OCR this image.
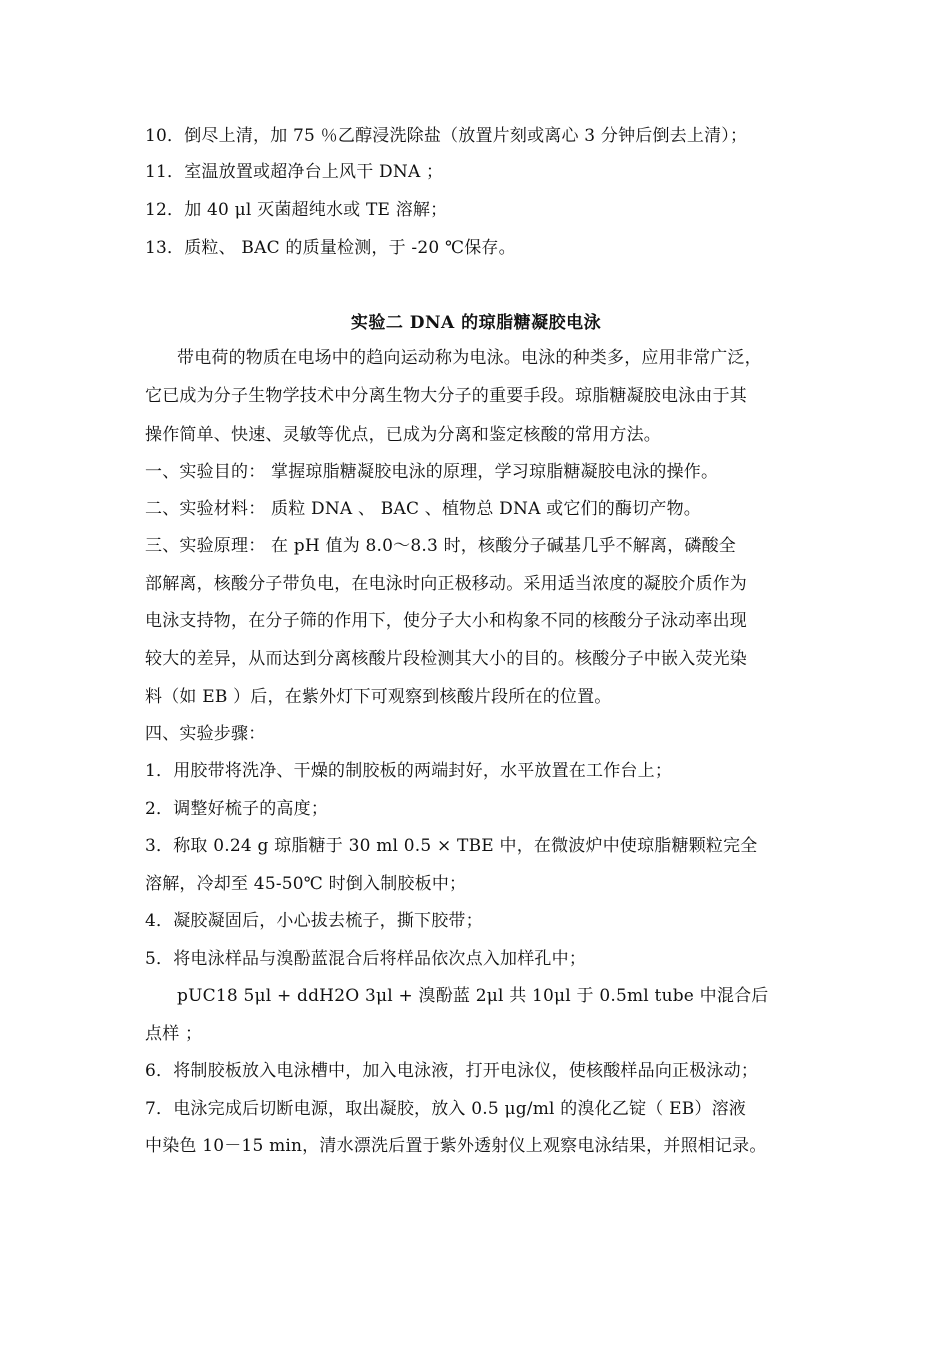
10．倒尽上清，加 75 ％乙醇浸洗除盐（放置片刻或离心 3 分钟后倒去上清）；
11．室温放置或超净台上风干 DNA ；
12．加 40 μl 灭菌超纯水或 TE 溶解；
13．质粒、 BAC 的质量检测，于 -20 ℃保存。
实验二 DNA 的琼脂糖凝胶电泳
带电荷的物质在电场中的趋向运动称为电泳。电泳的种类多，应用非常广泛，
它已成为分子生物学技术中分离生物大分子的重要手段。琼脂糖凝胶电泳由于其
操作简单、快速、灵敏等优点，已成为分离和鉴定核酸的常用方法。
一、实验目的： 掌握琼脂糖凝胶电泳的原理，学习琼脂糖凝胶电泳的操作。
二、实验材料： 质粒 DNA 、 BAC 、植物总 DNA 或它们的酶切产物。
三、实验原理： 在 pH 值为 8.0～8.3 时，核酸分子碱基几乎不解离，磷酸全
部解离，核酸分子带负电，在电泳时向正极移动。采用适当浓度的凝胶介质作为
电泳支持物，在分子筛的作用下，使分子大小和构象不同的核酸分子泳动率出现
较大的差异，从而达到分离核酸片段检测其大小的目的。核酸分子中嵌入荧光染
料（如 EB ）后，在紫外灯下可观察到核酸片段所在的位置。
四、实验步骤：
1．用胶带将洗净、干燥的制胶板的两端封好，水平放置在工作台上；
2．调整好梳子的高度；
3．称取 0.24 g 琼脂糖于 30 ml 0.5 × TBE 中，在微波炉中使琼脂糖颗粒完全
溶解，冷却至 45-50℃ 时倒入制胶板中；
4．凝胶凝固后，小心拔去梳子，撕下胶带；
5．将电泳样品与溴酚蓝混合后将样品依次点入加样孔中；
pUC18 5μl + ddH2O 3μl + 溴酚蓝 2μl 共 10μl 于 0.5ml tube 中混合后
点样 ；
6．将制胶板放入电泳槽中，加入电泳液，打开电泳仪，使核酸样品向正极泳动；
7．电泳完成后切断电源，取出凝胶，放入 0.5 μg/ml 的溴化乙锭（ EB）溶液
中染色 10－15 min，清水漂洗后置于紫外透射仪上观察电泳结果，并照相记录。
